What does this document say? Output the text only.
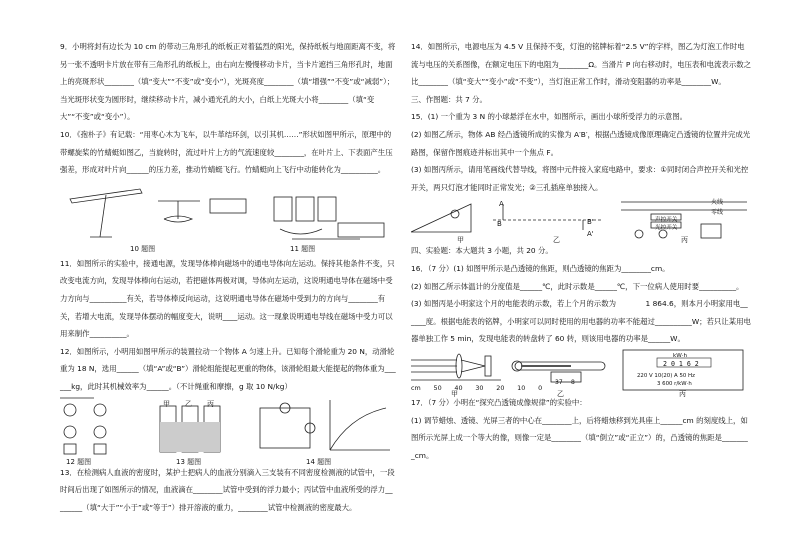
9．小明将封有边长为 10 cm 的带动三角形孔的纸板正对着猛烈的阳光，保持纸板与地面距离不变，将另一张不透明卡片放在带有三角形孔的纸板上，由右向左慢慢移动卡片，当卡片遮挡三角形孔时，地面上的亮斑形状________（填“变大”“不变”或“变小”），光斑亮度________（填“增强”“不变”或“减弱”）；当光斑形状变为圆形时，继续移动卡片，减小通光孔的大小，白纸上光斑大小将________（填“变大”“不变”或“变小”）。

10．《孢朴子》有记载：“用枣心木为飞车，以牛革结环剑，以引其机……”形状如图甲所示，原理中的带螺旋桨的竹蜻蜓如图乙，当旋转时，流过叶片上方的气流速度较________，在叶片上、下表面产生压强差，形成对叶片向______的压力差，推动竹蜻蜓飞行。竹蜻蜓向上飞行中动能转化为__________。

10 题图	11 题图

11．如图所示的实验中，接通电源，发现导体棒向磁场中的通电导体向左运动。保持其他条件不变，只改变电流方向，发现导体棒向右运动，若把磁体两极对调，导体向左运动，这说明通电导体在磁场中受力方向与__________有关，若导体棒反向运动，这说明通电导体在磁场中受到力的方向与________有关，若增大电流，发现导体摆动的幅度变大，说明____运动。这一现象说明通电导线在磁场中受力可以用来制作__________。

12．如图所示，小明用如图甲所示的装置拉动一个物体 A 匀速上升。已知每个滑轮重为 20 N，动滑轮重为 18 N，选用______（填“A”或“B”）滑轮组能提起更重的物体，该滑轮组最大能提起的物体重为______kg，此时其机械效率为______。（不计绳重和摩擦，g 取 10 N/kg）

甲 乙 丙
12 题图	13 题图	14 题图

13．在检测病人血液的密度时，某护士把病人的血液分别滴入三支装有不同密度检测液的试管中，一段时间后出现了如图所示的情况，血液滴在________试管中受到的浮力最小；丙试管中血液所受的浮力________（填“大于”“小于”或“等于”）排开溶液的重力，________试管中检测液的密度最大。

14．如图所示，电源电压为 4.5 V 且保持不变，灯泡的铭牌标着“2.5 V”的字样，图乙为灯泡工作时电流与电压的关系图像，在额定电压下的电阻为________Ω。当滑片 P 向右移动时，电压表和电流表示数之比________（填“变大”“变小”或“不变”），当灯泡正常工作时，滑动变阻器的功率是________W。

三、作图题：共 7 分。

15．(1) 一个重为 3 N 的小球悬浮在水中，如图所示，画出小球所受浮力的示意图。

(2) 如图乙所示，物体 AB 经凸透镜所成的实像为 A′B′，根据凸透镜成像原理确定凸透镜的位置并完成光路图，保留作图痕迹并标出其中一个焦点 F。

(3) 如图丙所示，请用笔画线代替导线，将图中元件接入家庭电路中，要求：①同时闭合声控开关和光控开关，两只灯泡才能同时正常发光；②三孔插座单独接入。

A
B	B'
A'
火线
零线
声控开关
光控开关
甲	乙	丙

四、实验题：本大题共 3 小题，共 20 分。

16．（7 分）(1) 如图甲所示是凸透镜的焦距，则凸透镜的焦距为________cm。

(2) 如图乙所示体温计的分度值是______℃，此时示数是______℃，下一位病人使用时要__________。

(3) 如图丙是小明家这个月的电能表的示数，若上个月的示数为　　　　1 864.6，则本月小明家用电______度。根据电能表的铭牌，小明家可以同时使用的用电器的功率不能超过__________W；若只让某用电器单独工作 5 min，发现电能表的转盘转了 60 转，则该用电器的功率是______W。

cm　　50　　40　　30　　20　　10　　0
37 8
kW·h
2 0 1 6 2
220 V 10(20) A 50 Hz
3 600 r/kW·h
甲	乙	丙

17．（7 分）小明在“探究凸透镜成像规律”的实验中：

(1) 调节蜡烛、透镜、光屏三者的中心在________上，后将蜡烛移到光具座上______cm 的刻度线上，如图所示光屏上成一个等大的像，则像一定是________（填“倒立”或“正立”）的，凸透镜的焦距是________cm。
